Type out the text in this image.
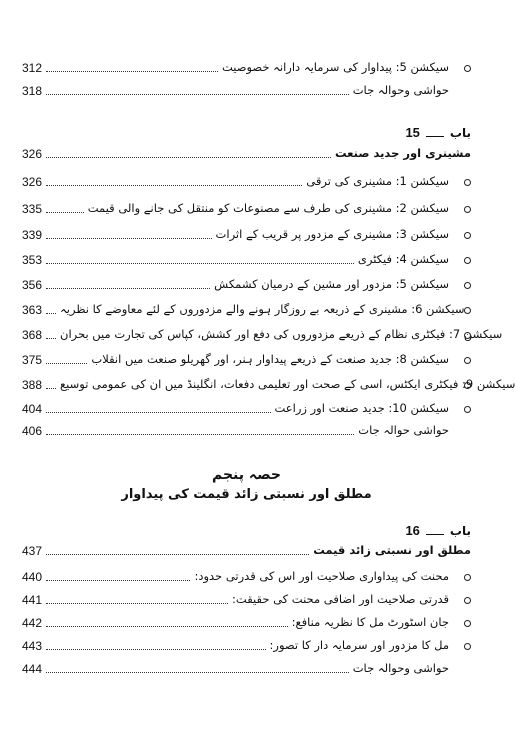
312	سیکشن 5: پیداوار کی سرمایہ دارانہ خصوصیت
318	حواشی وحوالہ جات
باب
15
326	مشینری اور جدید صنعت
326	سیکشن 1: مشینری کی ترقی
335	سیکشن 2: مشینری کی طرف سے مصنوعات کو منتقل کی جانے والی قیمت
339	سیکشن 3: مشینری کے مزدور پر قریب کے اثرات
353	سیکشن 4: فیکٹری
356	سیکشن 5: مزدور اور مشین کے درمیان کشمکش
363 سیکشن 6: مشینری کے ذریعہ بے روزگار ہونے والے مزدوروں کے لئے معاوضے کا نظریہ
368 سیکشن 7: فیکٹری نظام کے ذریعے مزدوروں کی دفع اور کشش، کپاس کی تجارت میں بحران
375	سیکشن 8: جدید صنعت کے ذریعے پیداوار ہنر، اور گھریلو صنعت میں انقلاب
388 سیکشن 9: فیکٹری ایکٹس، اسی کے صحت اور تعلیمی دفعات، انگلینڈ میں ان کی عمومی توسیع
404	سیکشن 10: جدید صنعت اور زراعت
406	حواشی حوالہ جات
حصہ پنجم
مطلق اور نسبتی زائد قیمت کی پیداوار
باب
16
437	مطلق اور نسبتی زائد قیمت
440	محنت کی پیداواری صلاحیت اور اس کی قدرتی حدود:
441	قدرتی صلاحیت اور اضافی محنت کی حقیقت:
442	جان اسٹورٹ مل کا نظریہ منافع:
443	مل کا مزدور اور سرمایہ دار کا تصور:
444	حواشی وحوالہ جات
